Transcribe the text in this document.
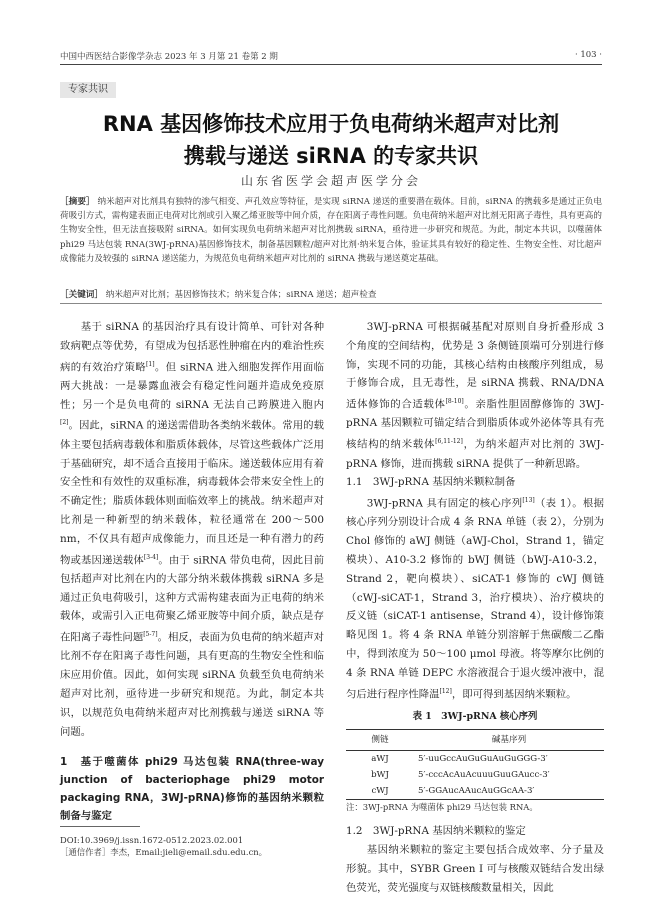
中国中西医结合影像学杂志 2023 年 3 月第 21 卷第 2 期	· 103 ·
专家共识
RNA 基因修饰技术应用于负电荷纳米超声对比剂
携载与递送 siRNA 的专家共识
山东省医学会超声医学分会
［摘要］ 纳米超声对比剂具有独特的渗气相变、声孔效应等特征，是实现 siRNA 递送的重要潜在载体。目前，siRNA 的携载多是通过正负电荷吸引方式，需构建表面正电荷对比剂或引入聚乙烯亚胺等中间介质，存在阳离子毒性问题。负电荷纳米超声对比剂无阳离子毒性，具有更高的生物安全性，但无法直接吸附 siRNA。如何实现负电荷纳米超声对比剂携载 siRNA，亟待进一步研究和规范。为此，制定本共识，以噬菌体 phi29 马达包装 RNA(3WJ-pRNA)基因修饰技术，制备基因颗粒/超声对比剂·纳米复合体，验证其具有较好的稳定性、生物安全性、对比超声成像能力及较强的 siRNA 递送能力，为规范负电荷纳米超声对比剂的 siRNA 携载与递送奠定基础。
［关键词］ 纳米超声对比剂；基因修饰技术；纳米复合体；siRNA 递送；超声检查

基于 siRNA 的基因治疗具有设计简单、可针对各种致病靶点等优势，有望成为包括恶性肿瘤在内的难治性疾病的有效治疗策略[1]。但 siRNA 进入细胞发挥作用面临两大挑战：一是暴露血液会有稳定性问题并造成免疫原性；另一个是负电荷的 siRNA 无法自己跨膜进入胞内[2]。因此，siRNA 的递送需借助各类纳米载体。常用的载体主要包括病毒载体和脂质体载体，尽管这些载体广泛用于基础研究，却不适合直接用于临床。递送载体应用有着安全性和有效性的双重标准，病毒载体会带来安全性上的不确定性；脂质体载体则面临效率上的挑战。纳米超声对比剂是一种新型的纳米载体，粒径通常在 200～500 nm，不仅具有超声成像能力，而且还是一种有潜力的药物或基因递送载体[3-4]。由于 siRNA 带负电荷，因此目前包括超声对比剂在内的大部分纳米载体携载 siRNA 多是通过正负电荷吸引，这种方式需构建表面为正电荷的纳米载体，或需引入正电荷聚乙烯亚胺等中间介质，缺点是存在阳离子毒性问题[5-7]。相反，表面为负电荷的纳米超声对比剂不存在阳离子毒性问题，具有更高的生物安全性和临床应用价值。因此，如何实现 siRNA 负载至负电荷纳米超声对比剂，亟待进一步研究和规范。为此，制定本共识，以规范负电荷纳米超声对比剂携载与递送 siRNA 等问题。

1　基于噬菌体 phi29 马达包装 RNA(three-way junction of bacteriophage phi29 motor packaging RNA，3WJ-pRNA)修饰的基因纳米颗粒制备与鉴定

3WJ-pRNA 可根据碱基配对原则自身折叠形成 3 个角度的空间结构，优势是 3 条侧链顶端可分别进行修饰，实现不同的功能，其核心结构由核酸序列组成，易于修饰合成，且无毒性，是 siRNA 携载、RNA/DNA 适体修饰的合适载体[8-10]。亲脂性胆固醇修饰的 3WJ-pRNA 基因颗粒可锚定结合到脂质体或外泌体等具有壳核结构的纳米载体[6,11-12]，为纳米超声对比剂的 3WJ-pRNA 修饰，进而携载 siRNA 提供了一种新思路。

1.1　3WJ-pRNA 基因纳米颗粒制备

3WJ-pRNA 具有固定的核心序列[13]（表 1）。根据核心序列分别设计合成 4 条 RNA 单链（表 2），分别为 Chol 修饰的 aWJ 侧链（aWJ-Chol，Strand 1，锚定模块）、A10-3.2 修饰的 bWJ 侧链（bWJ-A10-3.2，Strand 2，靶向模块）、siCAT-1 修饰的 cWJ 侧链（cWJ-siCAT-1，Strand 3，治疗模块）、治疗模块的反义链（siCAT-1 antisense，Strand 4），设计修饰策略见图 1。将 4 条 RNA 单链分别溶解于焦碳酸二乙酯中，得到浓度为 50～100 μmol 母液。将等摩尔比例的 4 条 RNA 单链 DEPC 水溶液混合于退火缓冲液中，混匀后进行程序性降温[12]，即可得到基因纳米颗粒。

表 1　3WJ-pRNA 核心序列
侧链	碱基序列
aWJ	5′-uuGccAuGuGuAuGuGGG-3′
bWJ	5′-cccAcAuAcuuuGuuGAucc-3′
cWJ	5′-GGAucAAucAuGGcAA-3′
注：3WJ-pRNA 为噬菌体 phi29 马达包装 RNA。
1.2　3WJ-pRNA 基因纳米颗粒的鉴定

基因纳米颗粒的鉴定主要包括合成效率、分子量及形貌。其中，SYBR Green I 可与核酸双链结合发出绿色荧光，荧光强度与双链核酸数量相关，因此

DOI:10.3969/j.issn.1672-0512.2023.02.001
［通信作者］李杰，Email:jieli@email.sdu.edu.cn。
